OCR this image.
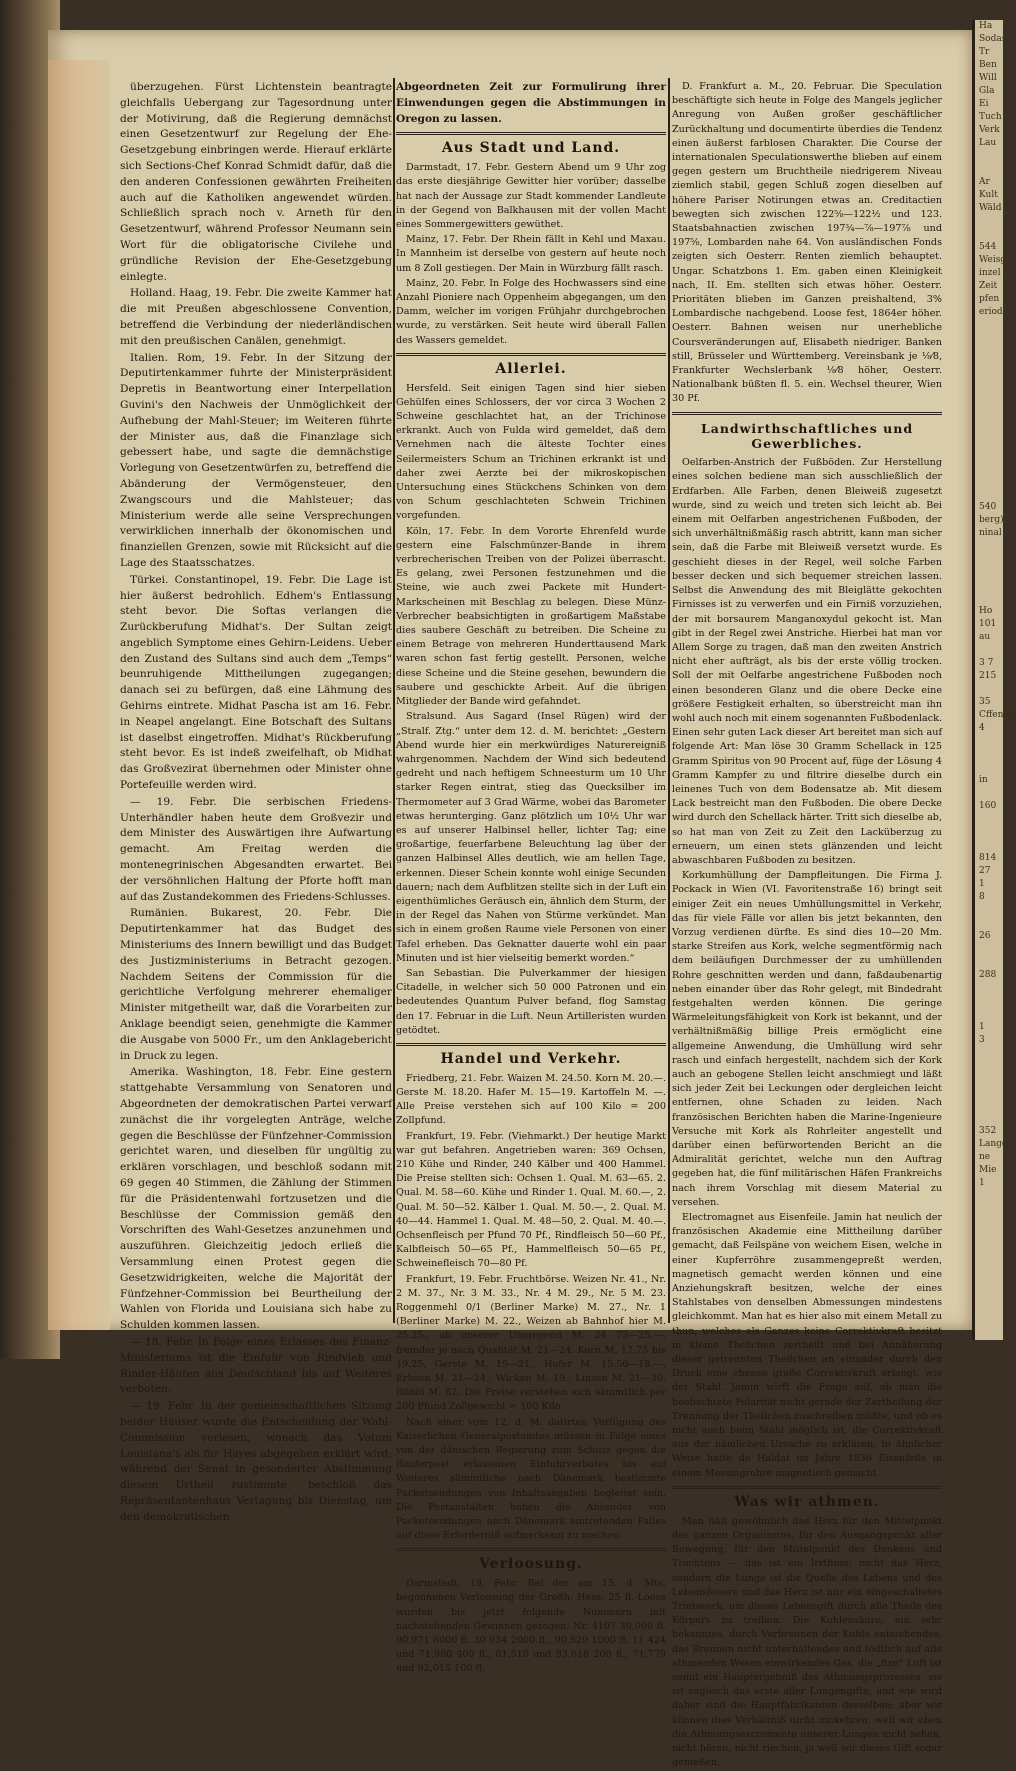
überzugehen. Fürst Lichtenstein beantragte gleichfalls Uebergang zur Tagesordnung unter der Motivirung, daß die Regierung demnächst einen Gesetzentwurf zur Regelung der Ehe-Gesetzgebung einbringen werde. Hierauf erklärte sich Sections-Chef Konrad Schmidt dafür, daß die den anderen Confessionen gewährten Freiheiten auch auf die Katholiken angewendet würden. Schließlich sprach noch v. Arneth für den Gesetzentwurf, während Professor Neumann sein Wort für die obligatorische Civilehe und gründliche Revision der Ehe-Gesetzgebung einlegte.

Holland. Haag, 19. Febr. Die zweite Kammer hat die mit Preußen abgeschlossene Convention, betreffend die Verbindung der niederländischen mit den preußischen Canälen, genehmigt.

Italien. Rom, 19. Febr. In der Sitzung der Deputirtenkammer fuhrte der Ministerpräsident Depretis in Beantwortung einer Interpellation Guvini's den Nachweis der Unmöglichkeit der Aufhebung der Mahl-Steuer; im Weiteren führte der Minister aus, daß die Finanzlage sich gebessert habe, und sagte die demnächstige Vorlegung von Gesetzentwürfen zu, betreffend die Abänderung der Vermögensteuer, den Zwangscours und die Mahlsteuer; das Ministerium werde alle seine Versprechungen verwirklichen innerhalb der ökonomischen und finanziellen Grenzen, sowie mit Rücksicht auf die Lage des Staatsschatzes.

Türkei. Constantinopel, 19. Febr. Die Lage ist hier äußerst bedrohlich. Edhem's Entlassung steht bevor. Die Softas verlangen die Zurückberufung Midhat's. Der Sultan zeigt angeblich Symptome eines Gehirn-Leidens. Ueber den Zustand des Sultans sind auch dem „Temps“ beunruhigende Mittheilungen zugegangen; danach sei zu befürgen, daß eine Lähmung des Gehirns eintrete. Midhat Pascha ist am 16. Febr. in Neapel angelangt. Eine Botschaft des Sultans ist daselbst eingetroffen. Midhat's Rückberufung steht bevor. Es ist indeß zweifelhaft, ob Midhat das Großvezirat übernehmen oder Minister ohne Portefeuille werden wird.

— 19. Febr. Die serbischen Friedens-Unterhändler haben heute dem Großvezir und dem Minister des Auswärtigen ihre Aufwartung gemacht. Am Freitag werden die montenegrinischen Abgesandten erwartet. Bei der versöhnlichen Haltung der Pforte hofft man auf das Zustandekommen des Friedens-Schlusses.

Rumänien. Bukarest, 20. Febr. Die Deputirtenkammer hat das Budget des Ministeriums des Innern bewilligt und das Budget des Justizministeriums in Betracht gezogen. Nachdem Seitens der Commission für die gerichtliche Verfolgung mehrerer ehemaliger Minister mitgetheilt war, daß die Vorarbeiten zur Anklage beendigt seien, genehmigte die Kammer die Ausgabe von 5000 Fr., um den Anklagebericht in Druck zu legen.

Amerika. Washington, 18. Febr. Eine gestern stattgehabte Versammlung von Senatoren und Abgeordneten der demokratischen Partei verwarf zunächst die ihr vorgelegten Anträge, welche gegen die Beschlüsse der Fünfzehner-Commission gerichtet waren, und dieselben für ungültig zu erklären vorschlagen, und beschloß sodann mit 69 gegen 40 Stimmen, die Zählung der Stimmen für die Präsidentenwahl fortzusetzen und die Beschlüsse der Commission gemäß den Vorschriften des Wahl-Gesetzes anzunehmen und auszuführen. Gleichzeitig jedoch erließ die Versammlung einen Protest gegen die Gesetzwidrigkeiten, welche die Majorität der Fünfzehner-Commission bei Beurtheilung der Wahlen von Florida und Louisiana sich habe zu Schulden kommen lassen.

— 18. Febr. In Folge eines Erlasses des Finanz-Ministeriums ist die Einfuhr von Rindvieh und Rinder-Häuten aus Deutschland bis auf Weiteres verboten.

— 19. Febr. In der gemeinschaftlichen Sitzung beider Häuser wurde die Entscheidung der Wahl-Commission verlesen, wonach das Votum Louisiana's als für Hayes abgegeben erklärt wird; während der Senat in gesonderter Abstimmung diesem Urtheil zustimmte, beschloß das Repräsentantenhaus Vertagung bis Dienstag, um den demokratischen

Abgeordneten Zeit zur Formulirung ihrer Einwendungen gegen die Abstimmungen in Oregon zu lassen.

Aus Stadt und Land.

Darmstadt, 17. Febr. Gestern Abend um 9 Uhr zog das erste diesjährige Gewitter hier vorüber; dasselbe hat nach der Aussage zur Stadt kommender Landleute in der Gegend von Balkhausen mit der vollen Macht eines Sommergewitters gewüthet.

Mainz, 17. Febr. Der Rhein fällt in Kehl und Maxau. In Mannheim ist derselbe von gestern auf heute noch um 8 Zoll gestiegen. Der Main in Würzburg fällt rasch.

Mainz, 20. Febr. In Folge des Hochwassers sind eine Anzahl Pioniere nach Oppenheim abgegangen, um den Damm, welcher im vorigen Frühjahr durchgebrochen wurde, zu verstärken. Seit heute wird überall Fallen des Wassers gemeldet.

Allerlei.

Hersfeld. Seit einigen Tagen sind hier sieben Gehülfen eines Schlossers, der vor circa 3 Wochen 2 Schweine geschlachtet hat, an der Trichinose erkrankt. Auch von Fulda wird gemeldet, daß dem Vernehmen nach die älteste Tochter eines Seilermeisters Schum an Trichinen erkrankt ist und daher zwei Aerzte bei der mikroskopischen Untersuchung eines Stückchens Schinken von dem von Schum geschlachteten Schwein Trichinen vorgefunden.

Köln, 17. Febr. In dem Vororte Ehrenfeld wurde gestern eine Falschmünzer-Bande in ihrem verbrecherischen Treiben von der Polizei überrascht. Es gelang, zwei Personen festzunehmen und die Steine, wie auch zwei Packete mit Hundert-Markscheinen mit Beschlag zu belegen. Diese Münz-Verbrecher beabsichtigten in großartigem Maßstabe dies saubere Geschäft zu betreiben. Die Scheine zu einem Betrage von mehreren Hunderttausend Mark waren schon fast fertig gestellt. Personen, welche diese Scheine und die Steine gesehen, bewundern die saubere und geschickte Arbeit. Auf die übrigen Mitglieder der Bande wird gefahndet.

Stralsund. Aus Sagard (Insel Rügen) wird der „Stralf. Ztg.“ unter dem 12. d. M. berichtet: „Gestern Abend wurde hier ein merkwürdiges Naturereigniß wahrgenommen. Nachdem der Wind sich bedeutend gedreht und nach heftigem Schneesturm um 10 Uhr starker Regen eintrat, stieg das Quecksilber im Thermometer auf 3 Grad Wärme, wobei das Barometer etwas herunterging. Ganz plötzlich um 10½ Uhr war es auf unserer Halbinsel heller, lichter Tag; eine großartige, feuerfarbene Beleuchtung lag über der ganzen Halbinsel Alles deutlich, wie am hellen Tage, erkennen. Dieser Schein konnte wohl einige Secunden dauern; nach dem Aufblitzen stellte sich in der Luft ein eigenthümliches Geräusch ein, ähnlich dem Sturm, der in der Regel das Nahen von Stürme verkündet. Man sich in einem großen Raume viele Personen von einer Tafel erheben. Das Geknatter dauerte wohl ein paar Minuten und ist hier vielseitig bemerkt worden.“

San Sebastian. Die Pulverkammer der hiesigen Citadelle, in welcher sich 50 000 Patronen und ein bedeutendes Quantum Pulver befand, flog Samstag den 17. Februar in die Luft. Neun Artilleristen wurden getödtet.

Handel und Verkehr.

Friedberg, 21. Febr. Waizen M. 24.50. Korn M. 20.—. Gerste M. 18.20. Hafer M. 15—19. Kartoffeln M. —. Alle Preise verstehen sich auf 100 Kilo = 200 Zollpfund.

Frankfurt, 19. Febr. (Viehmarkt.) Der heutige Markt war gut befahren. Angetrieben waren: 369 Ochsen, 210 Kühe und Rinder, 240 Kälber und 400 Hammel. Die Preise stellten sich: Ochsen 1. Qual. M. 63—65. 2. Qual. M. 58—60. Kühe und Rinder 1. Qual. M. 60.—, 2. Qual. M. 50—52. Kälber 1. Qual. M. 50.—, 2. Qual. M. 40—44. Hammel 1. Qual. M. 48—50, 2. Qual. M. 40.—. Ochsenfleisch per Pfund 70 Pf., Rindfleisch 50—60 Pf., Kalbfleisch 50—65 Pf., Hammelfleisch 50—65 Pf., Schweinefleisch 70—80 Pf.

Frankfurt, 19. Febr. Fruchtbörse. Weizen Nr. 41., Nr. 2 M. 37., Nr. 3 M. 33., Nr. 4 M. 29., Nr. 5 M. 23. Roggenmehl 0/1 (Berliner Marke) M. 27., Nr. 1 (Berliner Marke) M. 22., Weizen ab Bahnhof hier M. 25.25., ab unserer Umgegend M. 24 75—25.—, fremder je nach Qualität M. 21—24. Korn M. 17.75 bis 19.25, Gerste M. 19—21., Hafer M. 15.50—18.—, Erbsen M. 21—24., Wicken M. 19., Linsen M. 21—30. Rüböl M. 82. Die Preise verstehen sich sämmtlich per 200 Pfund Zollgewicht = 100 Kilo.

Nach einer vom 12. d. M. datirten Verfügung des Kaiserlichen Generalpostamtes müssen in Folge eines von der dänischen Regierung zum Schutz gegen die Rinderpest erlassenen Einfuhrverbotes bis auf Weiteres sämmtliche nach Dänemark bestimmte Packetsendungen von Inhaltsangaben begleitet sein. Die Postanstalten haben die Absender von Packetsendungen nach Dänemark eintretenden Falles auf diese Erforderniß aufmerksam zu machen.

Verloosung.

Darmstadt, 19. Febr. Bei der am 15. d. Mts. begonnenen Verloosung der Großh. Hess. 25 fl.-Loose wurden bis jetzt folgende Nummern mit nachstehenden Gewinnen gezogen: Nr. 4107 30,000 fl. 90,971 6000 fl. 30 934 2000 fl., 90,529 1000 fl. 11 424 und 71,980 400 fl., 81,510 und 93,618 200 fl., 71,779 und 92,015 100 fl.

D. Frankfurt a. M., 20. Februar. Die Speculation beschäftigte sich heute in Folge des Mangels jeglicher Anregung von Außen großer geschäftlicher Zurückhaltung und documentirte überdies die Tendenz einen äußerst farblosen Charakter. Die Course der internationalen Speculationswerthe blieben auf einem gegen gestern um Bruchtheile niedrigerem Niveau ziemlich stabil, gegen Schluß zogen dieselben auf höhere Pariser Notirungen etwas an. Creditactien bewegten sich zwischen 122⅝—122½ und 123. Staatsbahnactien zwischen 197¾—⅞—197⅞ und 197⅝, Lombarden nahe 64. Von ausländischen Fonds zeigten sich Oesterr. Renten ziemlich behauptet. Ungar. Schatzbons 1. Em. gaben einen Kleinigkeit nach, II. Em. stellten sich etwas höher. Oesterr. Prioritäten blieben im Ganzen preishaltend, 3% Lombardische nachgebend. Loose fest, 1864er höher. Oesterr. Bahnen weisen nur unerhebliche Coursveränderungen auf, Elisabeth niedriger. Banken still, Brüsseler und Württemberg. Vereinsbank je ⅛⁄8, Frankfurter Wechslerbank ⅛⁄8 höher, Oesterr. Nationalbank büßten fl. 5. ein. Wechsel theurer, Wien 30 Pf.

Landwirthschaftliches und Gewerbliches.

Oelfarben-Anstrich der Fußböden. Zur Herstellung eines solchen bediene man sich ausschließlich der Erdfarben. Alle Farben, denen Bleiweiß zugesetzt wurde, sind zu weich und treten sich leicht ab. Bei einem mit Oelfarben angestrichenen Fußboden, der sich unverhältnißmäßig rasch abtritt, kann man sicher sein, daß die Farbe mit Bleiweiß versetzt wurde. Es geschieht dieses in der Regel, weil solche Farben besser decken und sich bequemer streichen lassen. Selbst die Anwendung des mit Bleiglätte gekochten Firnisses ist zu verwerfen und ein Firniß vorzuziehen, der mit borsaurem Manganoxydul gekocht ist. Man gibt in der Regel zwei Anstriche. Hierbei hat man vor Allem Sorge zu tragen, daß man den zweiten Anstrich nicht eher aufträgt, als bis der erste völlig trocken. Soll der mit Oelfarbe angestrichene Fußboden noch einen besonderen Glanz und die obere Decke eine größere Festigkeit erhalten, so überstreicht man ihn wohl auch noch mit einem sogenannten Fußbodenlack. Einen sehr guten Lack dieser Art bereitet man sich auf folgende Art: Man löse 30 Gramm Schellack in 125 Gramm Spiritus von 90 Procent auf, füge der Lösung 4 Gramm Kampfer zu und filtrire dieselbe durch ein leinenes Tuch von dem Bodensatze ab. Mit diesem Lack bestreicht man den Fußboden. Die obere Decke wird durch den Schellack härter. Tritt sich dieselbe ab, so hat man von Zeit zu Zeit den Lacküberzug zu erneuern, um einen stets glänzenden und leicht abwaschbaren Fußboden zu besitzen.

Korkumhüllung der Dampfleitungen. Die Firma J. Pockack in Wien (VI. Favoritenstraße 16) bringt seit einiger Zeit ein neues Umhüllungsmittel in Verkehr, das für viele Fälle vor allen bis jetzt bekannten, den Vorzug verdienen dürfte. Es sind dies 10—20 Mm. starke Streifen aus Kork, welche segmentförmig nach dem beiläufigen Durchmesser der zu umhüllenden Rohre geschnitten werden und dann, faßdaubenartig neben einander über das Rohr gelegt, mit Bindedraht festgehalten werden können. Die geringe Wärmeleitungsfähigkeit von Kork ist bekannt, und der verhältnißmäßig billige Preis ermöglicht eine allgemeine Anwendung, die Umhüllung wird sehr rasch und einfach hergestellt, nachdem sich der Kork auch an gebogene Stellen leicht anschmiegt und läßt sich jeder Zeit bei Leckungen oder dergleichen leicht entfernen, ohne Schaden zu leiden. Nach französischen Berichten haben die Marine-Ingenieure Versuche mit Kork als Rohrleiter angestellt und darüber einen befürwortenden Bericht an die Admiralität gerichtet, welche nun den Auftrag gegeben hat, die fünf militärischen Häfen Frankreichs nach ihrem Vorschlag mit diesem Material zu versehen.

Electromagnet aus Eisenfeile. Jamin hat neulich der französischen Akademie eine Mittheilung darüber gemacht, daß Feilspäne von weichem Eisen, welche in einer Kupferröhre zusammengepreßt werden, magnetisch gemacht werden können und eine Anziehungskraft besitzen, welche der eines Stahlstabes von denselben Abmessungen mindestens gleichkommt. Man hat es hier also mit einem Metall zu thun, welches als Ganzes keine Correktivkraft besitzt in kleine Theilchen zertheilt und bei Annäherung dieser getrennten Theilchen an einander durch den Druck eine ebenso große Correktivkraft erlangt, wie der Stahl. Jamin wirft die Frage auf, ob man die beobachtete Polarität nicht gerade der Zertheilung der Trennung der Theilchen zuschreiben müßte, und ob es nicht auch beim Stahl möglich ist, die Correktivkraft aus der nämlichen Ursache zu erklären. In ähnlicher Weise hatte de Haldat im Jahre 1836 Eisenfeile in einem Messingrohre magnetisch gemacht.

Was wir athmen.

Man hält gewöhnlich das Herz für den Mittelpunkt des ganzen Organismus, für den Ausgangspunkt aller Bewegung, für den Mittelpunkt des Denkens und Trachtens — das ist ein Irrthum: nicht das Herz, sondern die Lunge ist die Quelle des Lebens und des Lebensfeuers und das Herz ist nur ein eingeschaltetes Triebwerk, um dieses Lebensgift durch alle Theile des Körpers zu treiben. Die Kohlensäure, ein sehr bekanntes, durch Verbrennen der Kohle entstehendes, das Brennen nicht unterhaltendes und tödtlich auf alle athmenden Wesen einwirkendes Gas, die „fixe“ Luft ist somit ein Hauptergebniß des Athmungsprozesses, sie ist zugleich das erste aller Lungengifte, und wie wird daher sind die Hauptfabrikanten desselben; aber wir können dies Verhältniß nicht umkehren, weil wir eben die Athmungsexcremente unserer Lungen nicht sehen, nicht hören, nicht riechen, ja weil wir dieses Gift sogar genießen;

Ha
Sodas
Tr
Ben
Will
Gla
Ei
Tuch
Verk
Lau

Ar
Kult
Wäld

544
Weisg
inzel
Zeit
pfen
eriod

540
berg)
ninal

Ho
101
au

3 7
215

35
Cffenthi
4

in

160

814
27
1
8

26

288

1
3

352
Langen
ne
Mie
1
